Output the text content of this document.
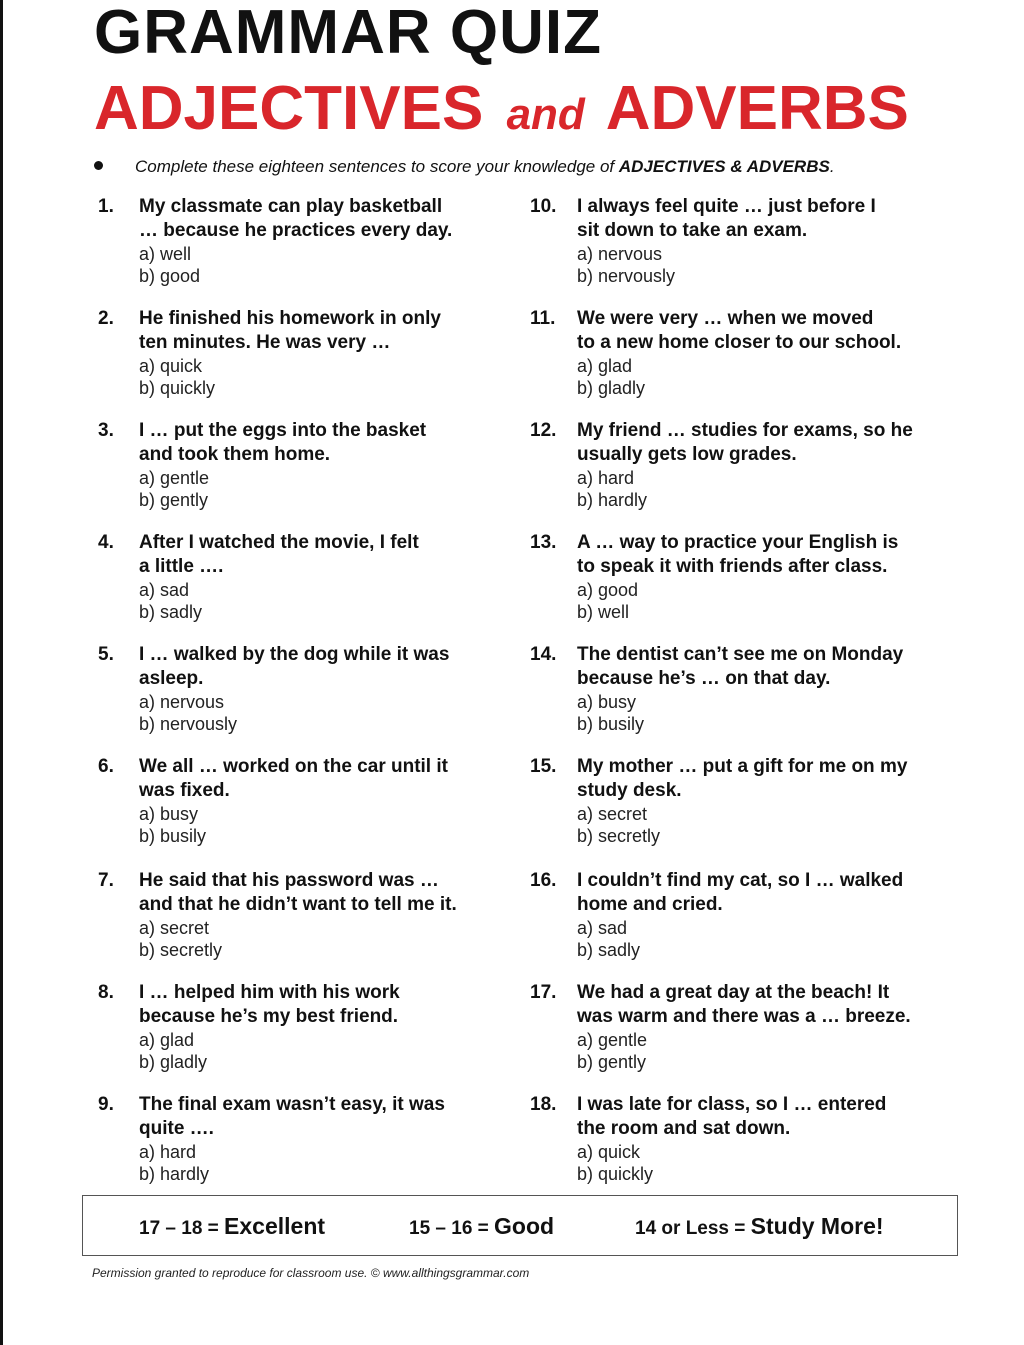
GRAMMAR QUIZ
ADJECTIVES and ADVERBS
Complete these eighteen sentences to score your knowledge of ADJECTIVES & ADVERBS.
1. My classmate can play basketball
… because he practices every day.
a) well
b) good
2. He finished his homework in only
ten minutes. He was very …
a) quick
b) quickly
3. I … put the eggs into the basket
and took them home.
a) gentle
b) gently
4. After I watched the movie, I felt
a little ….
a) sad
b) sadly
5. I … walked by the dog while it was
asleep.
a) nervous
b) nervously
6. We all … worked on the car until it
was fixed.
a) busy
b) busily
7. He said that his password was …
and that he didn’t want to tell me it.
a) secret
b) secretly
8. I … helped him with his work
because he’s my best friend.
a) glad
b) gladly
9. The final exam wasn’t easy, it was
quite ….
a) hard
b) hardly
10. I always feel quite … just before I
sit down to take an exam.
a) nervous
b) nervously
11. We were very … when we moved
to a new home closer to our school.
a) glad
b) gladly
12. My friend … studies for exams, so he
usually gets low grades.
a) hard
b) hardly
13. A … way to practice your English is
to speak it with friends after class.
a) good
b) well
14. The dentist can’t see me on Monday
because he’s … on that day.
a) busy
b) busily
15. My mother … put a gift for me on my
study desk.
a) secret
b) secretly
16. I couldn’t find my cat, so I … walked
home and cried.
a) sad
b) sadly
17. We had a great day at the beach! It
was warm and there was a … breeze.
a) gentle
b) gently
18. I was late for class, so I … entered
the room and sat down.
a) quick
b) quickly
17 – 18 = Excellent	15 – 16 = Good	14 or Less = Study More!
Permission granted to reproduce for classroom use. © www.allthingsgrammar.com
